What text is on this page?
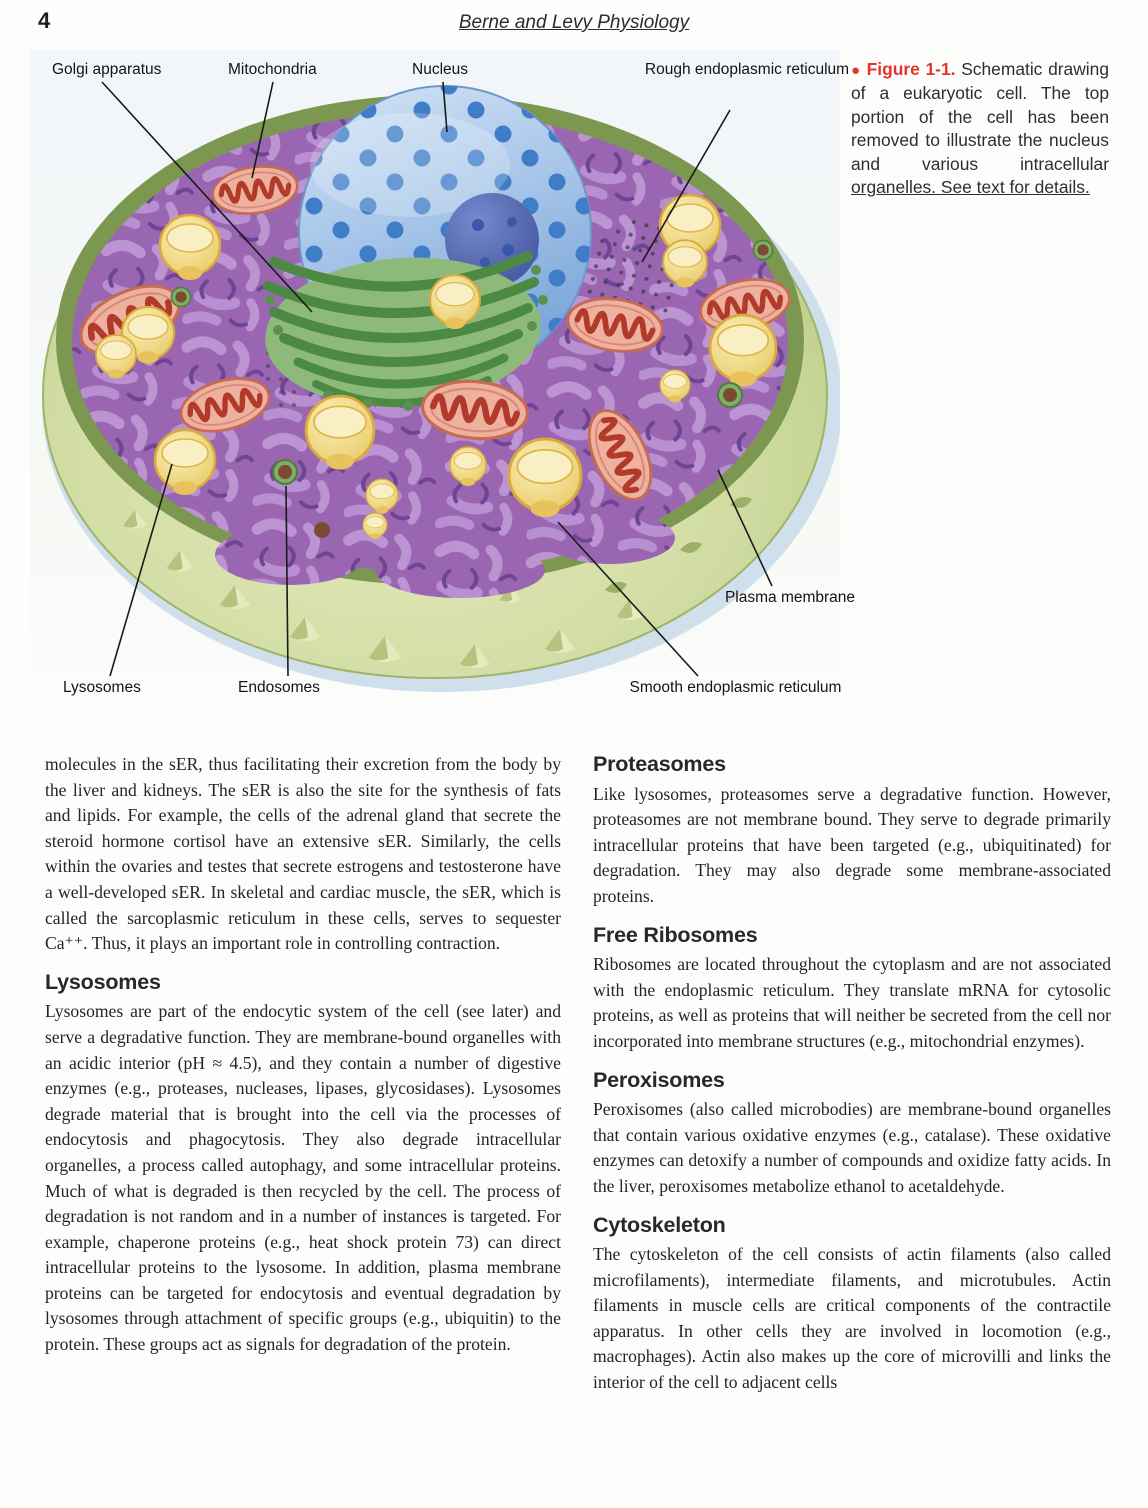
4	Berne and Levy Physiology
Golgi apparatus	Mitochondria	Nucleus	Rough endoplasmic reticulum
Plasma membrane
Lysosomes	Endosomes	Smooth endoplasmic reticulum
● Figure 1-1. Schematic drawing of a eukaryotic cell. The top portion of the cell has been removed to illustrate the nucleus and various intracellular organelles. See text for details.

molecules in the sER, thus facilitating their excretion from the body by the liver and kidneys. The sER is also the site for the synthesis of fats and lipids. For example, the cells of the adrenal gland that secrete the steroid hormone cortisol have an extensive sER. Similarly, the cells within the ovaries and testes that secrete estrogens and testosterone have a well-developed sER. In skeletal and cardiac muscle, the sER, which is called the sarcoplasmic reticulum in these cells, serves to sequester Ca⁺⁺. Thus, it plays an important role in controlling contraction.

Lysosomes

Lysosomes are part of the endocytic system of the cell (see later) and serve a degradative function. They are membrane-bound organelles with an acidic interior (pH ≈ 4.5), and they contain a number of digestive enzymes (e.g., proteases, nucleases, lipases, glycosidases). Lysosomes degrade material that is brought into the cell via the processes of endocytosis and phagocytosis. They also degrade intracellular organelles, a process called autophagy, and some intracellular proteins. Much of what is degraded is then recycled by the cell. The process of degradation is not random and in a number of instances is targeted. For example, chaperone proteins (e.g., heat shock protein 73) can direct intracellular proteins to the lysosome. In addition, plasma membrane proteins can be targeted for endocytosis and eventual degradation by lysosomes through attachment of specific groups (e.g., ubiquitin) to the protein. These groups act as signals for degradation of the protein.

Proteasomes

Like lysosomes, proteasomes serve a degradative function. However, proteasomes are not membrane bound. They serve to degrade primarily intracellular proteins that have been targeted (e.g., ubiquitinated) for degradation. They may also degrade some membrane-associated proteins.

Free Ribosomes

Ribosomes are located throughout the cytoplasm and are not associated with the endoplasmic reticulum. They translate mRNA for cytosolic proteins, as well as proteins that will neither be secreted from the cell nor incorporated into membrane structures (e.g., mitochondrial enzymes).

Peroxisomes

Peroxisomes (also called microbodies) are membrane-bound organelles that contain various oxidative enzymes (e.g., catalase). These oxidative enzymes can detoxify a number of compounds and oxidize fatty acids. In the liver, peroxisomes metabolize ethanol to acetaldehyde.

Cytoskeleton

The cytoskeleton of the cell consists of actin filaments (also called microfilaments), intermediate filaments, and microtubules. Actin filaments in muscle cells are critical components of the contractile apparatus. In other cells they are involved in locomotion (e.g., macrophages). Actin also makes up the core of microvilli and links the interior of the cell to adjacent cells
